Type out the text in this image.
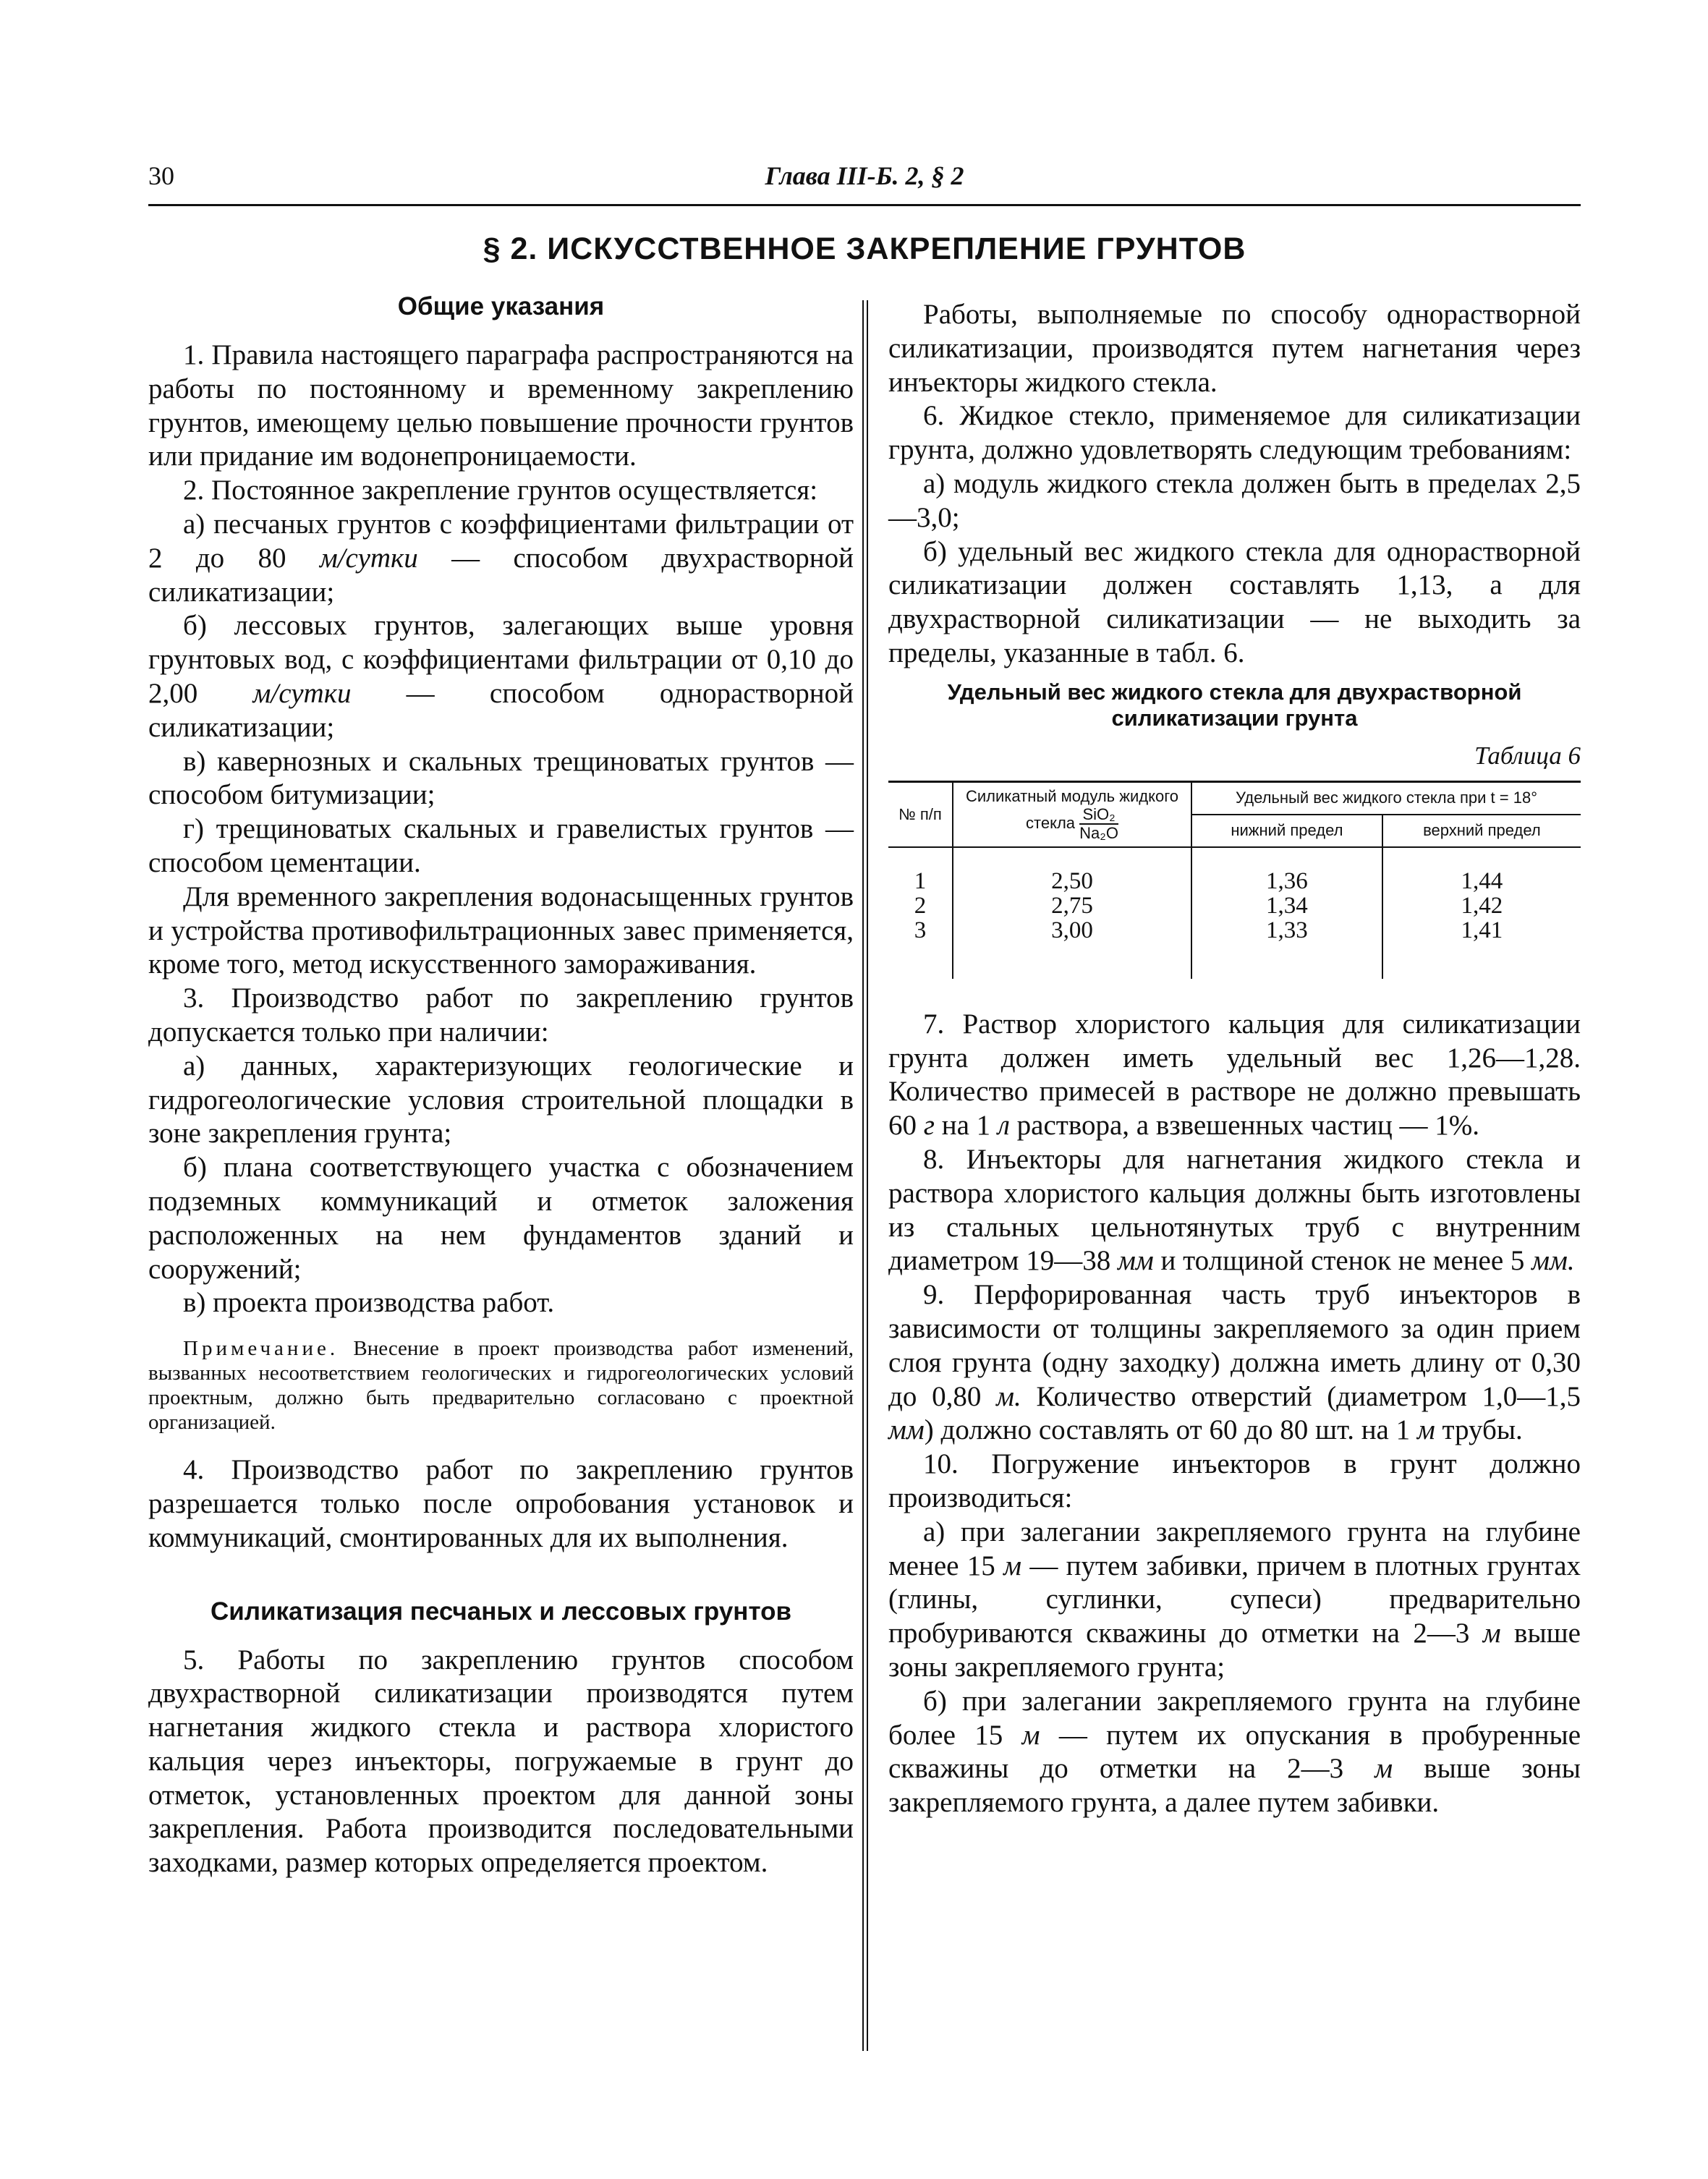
Глава III-Б. 2, § 2
30
§ 2. ИСКУССТВЕННОЕ ЗАКРЕПЛЕНИЕ ГРУНТОВ
Общие указания

1. Правила настоящего параграфа распространяются на работы по постоянному и временному закреплению грунтов, имеющему целью повышение прочности грунтов или придание им водонепроницаемости.

2. Постоянное закрепление грунтов осуществляется:

а) песчаных грунтов с коэффициентами фильтрации от 2 до 80 м/сутки — способом двухрастворной силикатизации;

б) лессовых грунтов, залегающих выше уровня грунтовых вод, с коэффициентами фильтрации от 0,10 до 2,00 м/сутки — способом однорастворной силикатизации;

в) кавернозных и скальных трещиноватых грунтов — способом битумизации;

г) трещиноватых скальных и гравелистых грунтов — способом цементации.

Для временного закрепления водонасыщенных грунтов и устройства противофильтрационных завес применяется, кроме того, метод искусственного замораживания.

3. Производство работ по закреплению грунтов допускается только при наличии:

а) данных, характеризующих геологические и гидрогеологические условия строительной площадки в зоне закрепления грунта;

б) плана соответствующего участка с обозначением подземных коммуникаций и отметок заложения расположенных на нем фундаментов зданий и сооружений;

в) проекта производства работ.

Примечание. Внесение в проект производства работ изменений, вызванных несоответствием геологических и гидрогеологических условий проектным, должно быть предварительно согласовано с проектной организацией.

4. Производство работ по закреплению грунтов разрешается только после опробования установок и коммуникаций, смонтированных для их выполнения.

Силикатизация песчаных и лессовых грунтов

5. Работы по закреплению грунтов способом двухрастворной силикатизации производятся путем нагнетания жидкого стекла и раствора хлористого кальция через инъекторы, погружаемые в грунт до отметок, установленных проектом для данной зоны закрепления. Работа производится последовательными заходками, размер которых определяется проектом.

Работы, выполняемые по способу однорастворной силикатизации, производятся путем нагнетания через инъекторы жидкого стекла.

6. Жидкое стекло, применяемое для силикатизации грунта, должно удовлетворять следующим требованиям:

а) модуль жидкого стекла должен быть в пределах 2,5—3,0;

б) удельный вес жидкого стекла для однорастворной силикатизации должен составлять 1,13, а для двухрастворной силикатизации — не выходить за пределы, указанные в табл. 6.

Удельный вес жидкого стекла для двухрастворной силикатизации грунта
Таблица 6
№ п/п	Силикатный модуль жидкого стекла $\frac{\text{SiO₂}}{\text{Na₂O}}$	Удельный вес жидкого стекла при t = 18°	
		нижний предел	верхний предел

1	2,50	1,36	1,44
2	2,75	1,34	1,42
3	3,00	1,33	1,41

7. Раствор хлористого кальция для силикатизации грунта должен иметь удельный вес 1,26—1,28. Количество примесей в растворе не должно превышать 60 г на 1 л раствора, а взвешенных частиц — 1%.

8. Инъекторы для нагнетания жидкого стекла и раствора хлористого кальция должны быть изготовлены из стальных цельнотянутых труб с внутренним диаметром 19—38 мм и толщиной стенок не менее 5 мм.

9. Перфорированная часть труб инъекторов в зависимости от толщины закрепляемого за один прием слоя грунта (одну заходку) должна иметь длину от 0,30 до 0,80 м. Количество отверстий (диаметром 1,0—1,5 мм) должно составлять от 60 до 80 шт. на 1 м трубы.

10. Погружение инъекторов в грунт должно производиться:

а) при залегании закрепляемого грунта на глубине менее 15 м — путем забивки, причем в плотных грунтах (глины, суглинки, супеси) предварительно пробуриваются скважины до отметки на 2—3 м выше зоны закрепляемого грунта;

б) при залегании закрепляемого грунта на глубине более 15 м — путем их опускания в пробуренные скважины до отметки на 2—3 м выше зоны закрепляемого грунта, а далее путем забивки.
